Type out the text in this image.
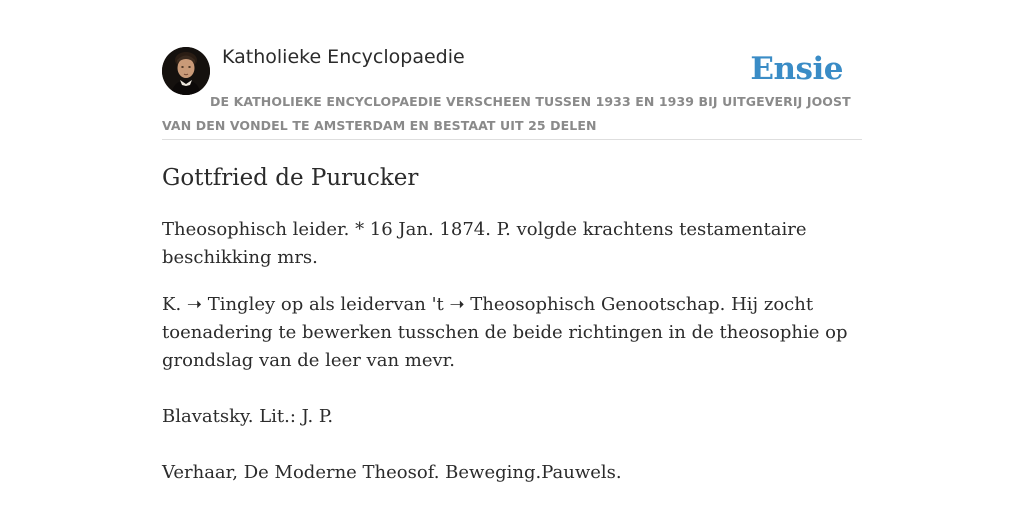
Katholieke Encyclopaedie	Ensie
DE KATHOLIEKE ENCYCLOPAEDIE VERSCHEEN TUSSEN 1933 EN 1939 BIJ UITGEVERIJ JOOST VAN DEN VONDEL TE AMSTERDAM EN BESTAAT UIT 25 DELEN
Gottfried de Purucker

Theosophisch leider. * 16 Jan. 1874. P. volgde krachtens testamentaire beschikking mrs.

K. ➝ Tingley op als leidervan 't ➝ Theosophisch Genootschap. Hij zocht toenadering te bewerken tusschen de beide richtingen in de theosophie op grondslag van de leer van mevr.

Blavatsky. Lit.: J. P.

Verhaar, De Moderne Theosof. Beweging.Pauwels.
